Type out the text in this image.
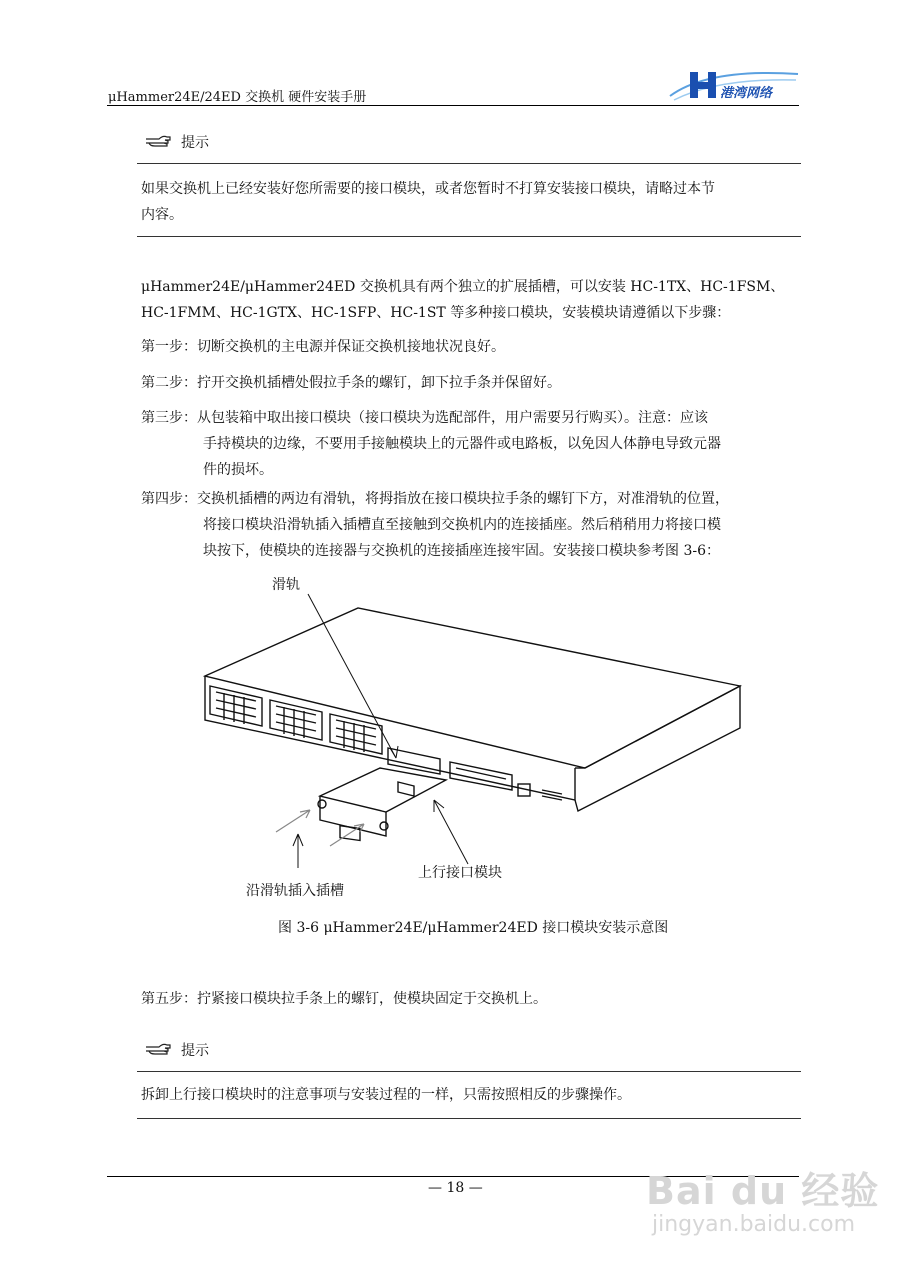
μHammer24E/24ED 交换机 硬件安装手册	港湾网络
提示
如果交换机上已经安装好您所需要的接口模块，或者您暂时不打算安装接口模块，请略过本节
内容。
μHammer24E/μHammer24ED 交换机具有两个独立的扩展插槽，可以安装 HC-1TX、HC-1FSM、
HC-1FMM、HC-1GTX、HC-1SFP、HC-1ST 等多种接口模块，安装模块请遵循以下步骤：
第一步：切断交换机的主电源并保证交换机接地状况良好。
第二步：拧开交换机插槽处假拉手条的螺钉，卸下拉手条并保留好。
第三步：从包装箱中取出接口模块（接口模块为选配部件，用户需要另行购买）。注意：应该
手持模块的边缘，不要用手接触模块上的元器件或电路板，以免因人体静电导致元器
件的损坏。
第四步：交换机插槽的两边有滑轨，将拇指放在接口模块拉手条的螺钉下方，对准滑轨的位置，
将接口模块沿滑轨插入插槽直至接触到交换机内的连接插座。然后稍稍用力将接口模
块按下，使模块的连接器与交换机的连接插座连接牢固。安装接口模块参考图 3-6：
滑轨
沿滑轨插入插槽
上行接口模块
图 3-6 μHammer24E/μHammer24ED 接口模块安装示意图
第五步：拧紧接口模块拉手条上的螺钉，使模块固定于交换机上。
提示
拆卸上行接口模块时的注意事项与安装过程的一样，只需按照相反的步骤操作。
— 18 —	Bai du 经验
jingyan.baidu.com
